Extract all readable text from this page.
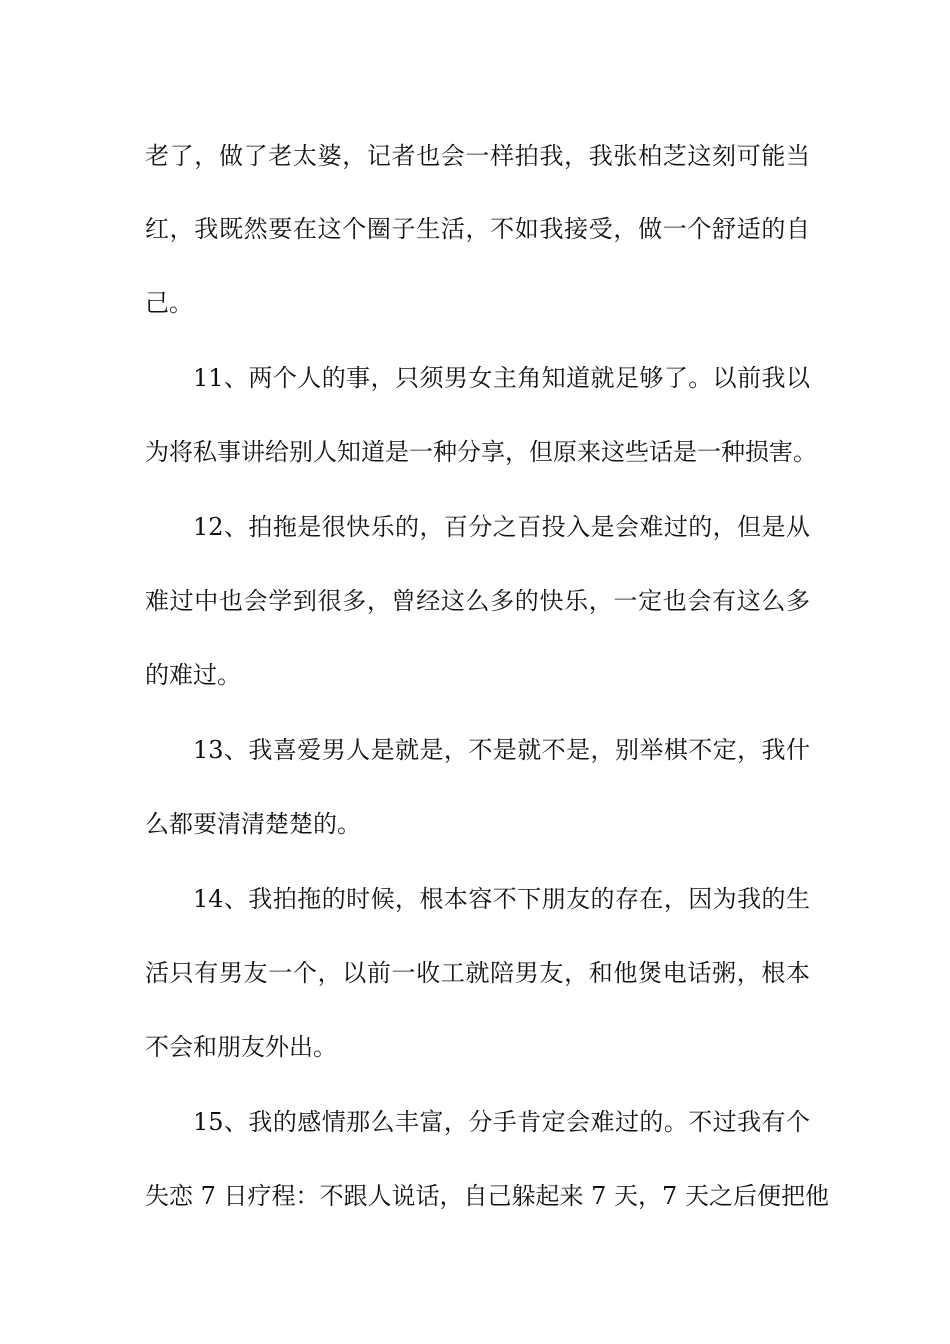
老了，做了老太婆，记者也会一样拍我，我张柏芝这刻可能当
红，我既然要在这个圈子生活，不如我接受，做一个舒适的自
己。
11、两个人的事，只须男女主角知道就足够了。以前我以
为将私事讲给别人知道是一种分享，但原来这些话是一种损害。
12、拍拖是很快乐的，百分之百投入是会难过的，但是从
难过中也会学到很多，曾经这么多的快乐，一定也会有这么多
的难过。
13、我喜爱男人是就是，不是就不是，别举棋不定，我什
么都要清清楚楚的。
14、我拍拖的时候，根本容不下朋友的存在，因为我的生
活只有男友一个，以前一收工就陪男友，和他煲电话粥，根本
不会和朋友外出。
15、我的感情那么丰富，分手肯定会难过的。不过我有个
失恋 7 日疗程：不跟人说话，自己躲起来 7 天，7 天之后便把他
